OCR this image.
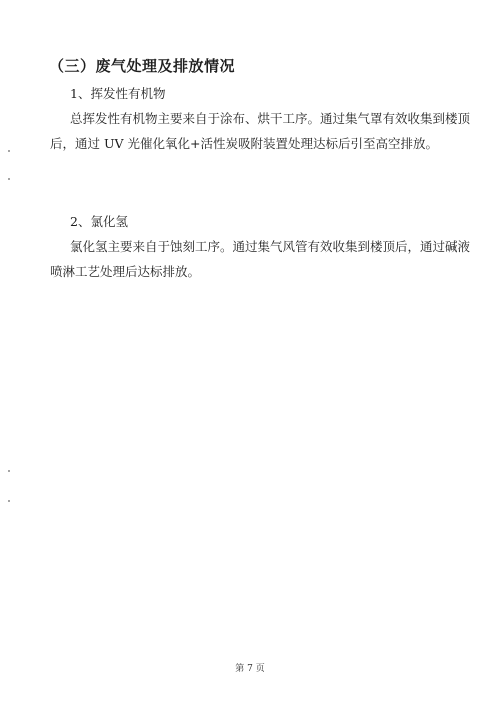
（三）废气处理及排放情况
1、挥发性有机物
总挥发性有机物主要来自于涂布、烘干工序。通过集气罩有效收集到楼顶
后，通过 UV 光催化氧化+活性炭吸附装置处理达标后引至高空排放。
2、氯化氢
氯化氢主要来自于蚀刻工序。通过集气风管有效收集到楼顶后，通过碱液
喷淋工艺处理后达标排放。
第 7 页
